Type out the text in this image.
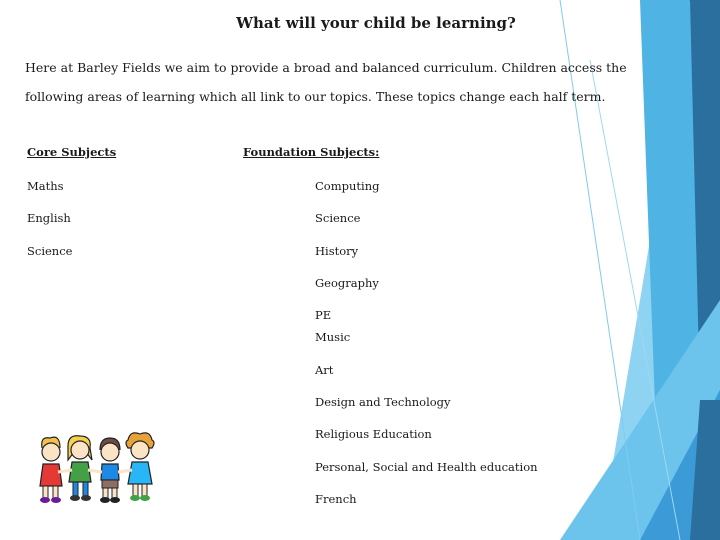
What will your child be learning?

Here at Barley Fields we aim to provide a broad and balanced curriculum. Children access the following areas of learning which all link to our topics. These topics change each half term.

Core Subjects
Maths
English
Science
Foundation Subjects:
Computing
Science
History
Geography
PE
Music
Art
Design and Technology
Religious Education
Personal, Social and Health education
French
